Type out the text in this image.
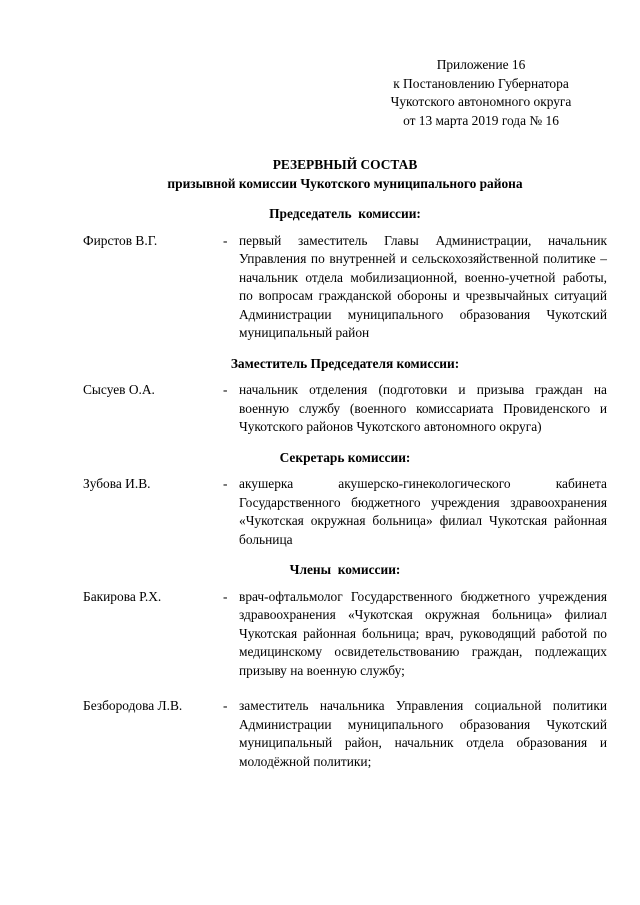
Приложение 16
к Постановлению Губернатора
Чукотского автономного округа
от 13 марта 2019 года № 16
РЕЗЕРВНЫЙ СОСТАВ
призывной комиссии Чукотского муниципального района
Председатель  комиссии:
Фирстов В.Г.	- первый заместитель Главы Администрации, начальник Управления по внутренней и сельскохозяйственной политике – начальник отдела мобилизационной, военно-учетной работы, по вопросам гражданской обороны и чрезвычайных ситуаций Администрации муниципального образования Чукотский муниципальный район
Заместитель Председателя комиссии:
Сысуев О.А.	- начальник отделения (подготовки и призыва граждан на военную службу (военного комиссариата Провиденского и Чукотского районов Чукотского автономного округа)
Секретарь комиссии:
Зубова И.В.	- акушерка акушерско-гинекологического кабинета Государственного бюджетного учреждения здравоохранения «Чукотская окружная больница» филиал Чукотская районная больница
Члены  комиссии:
Бакирова Р.Х.	- врач-офтальмолог Государственного бюджетного учреждения здравоохранения «Чукотская окружная больница» филиал Чукотская районная больница; врач, руководящий работой по медицинскому освидетельствованию граждан, подлежащих призыву на военную службу;
Безбородова Л.В.	- заместитель начальника Управления социальной политики Администрации муниципального образования Чукотский муниципальный район, начальник отдела образования и молодёжной политики;
